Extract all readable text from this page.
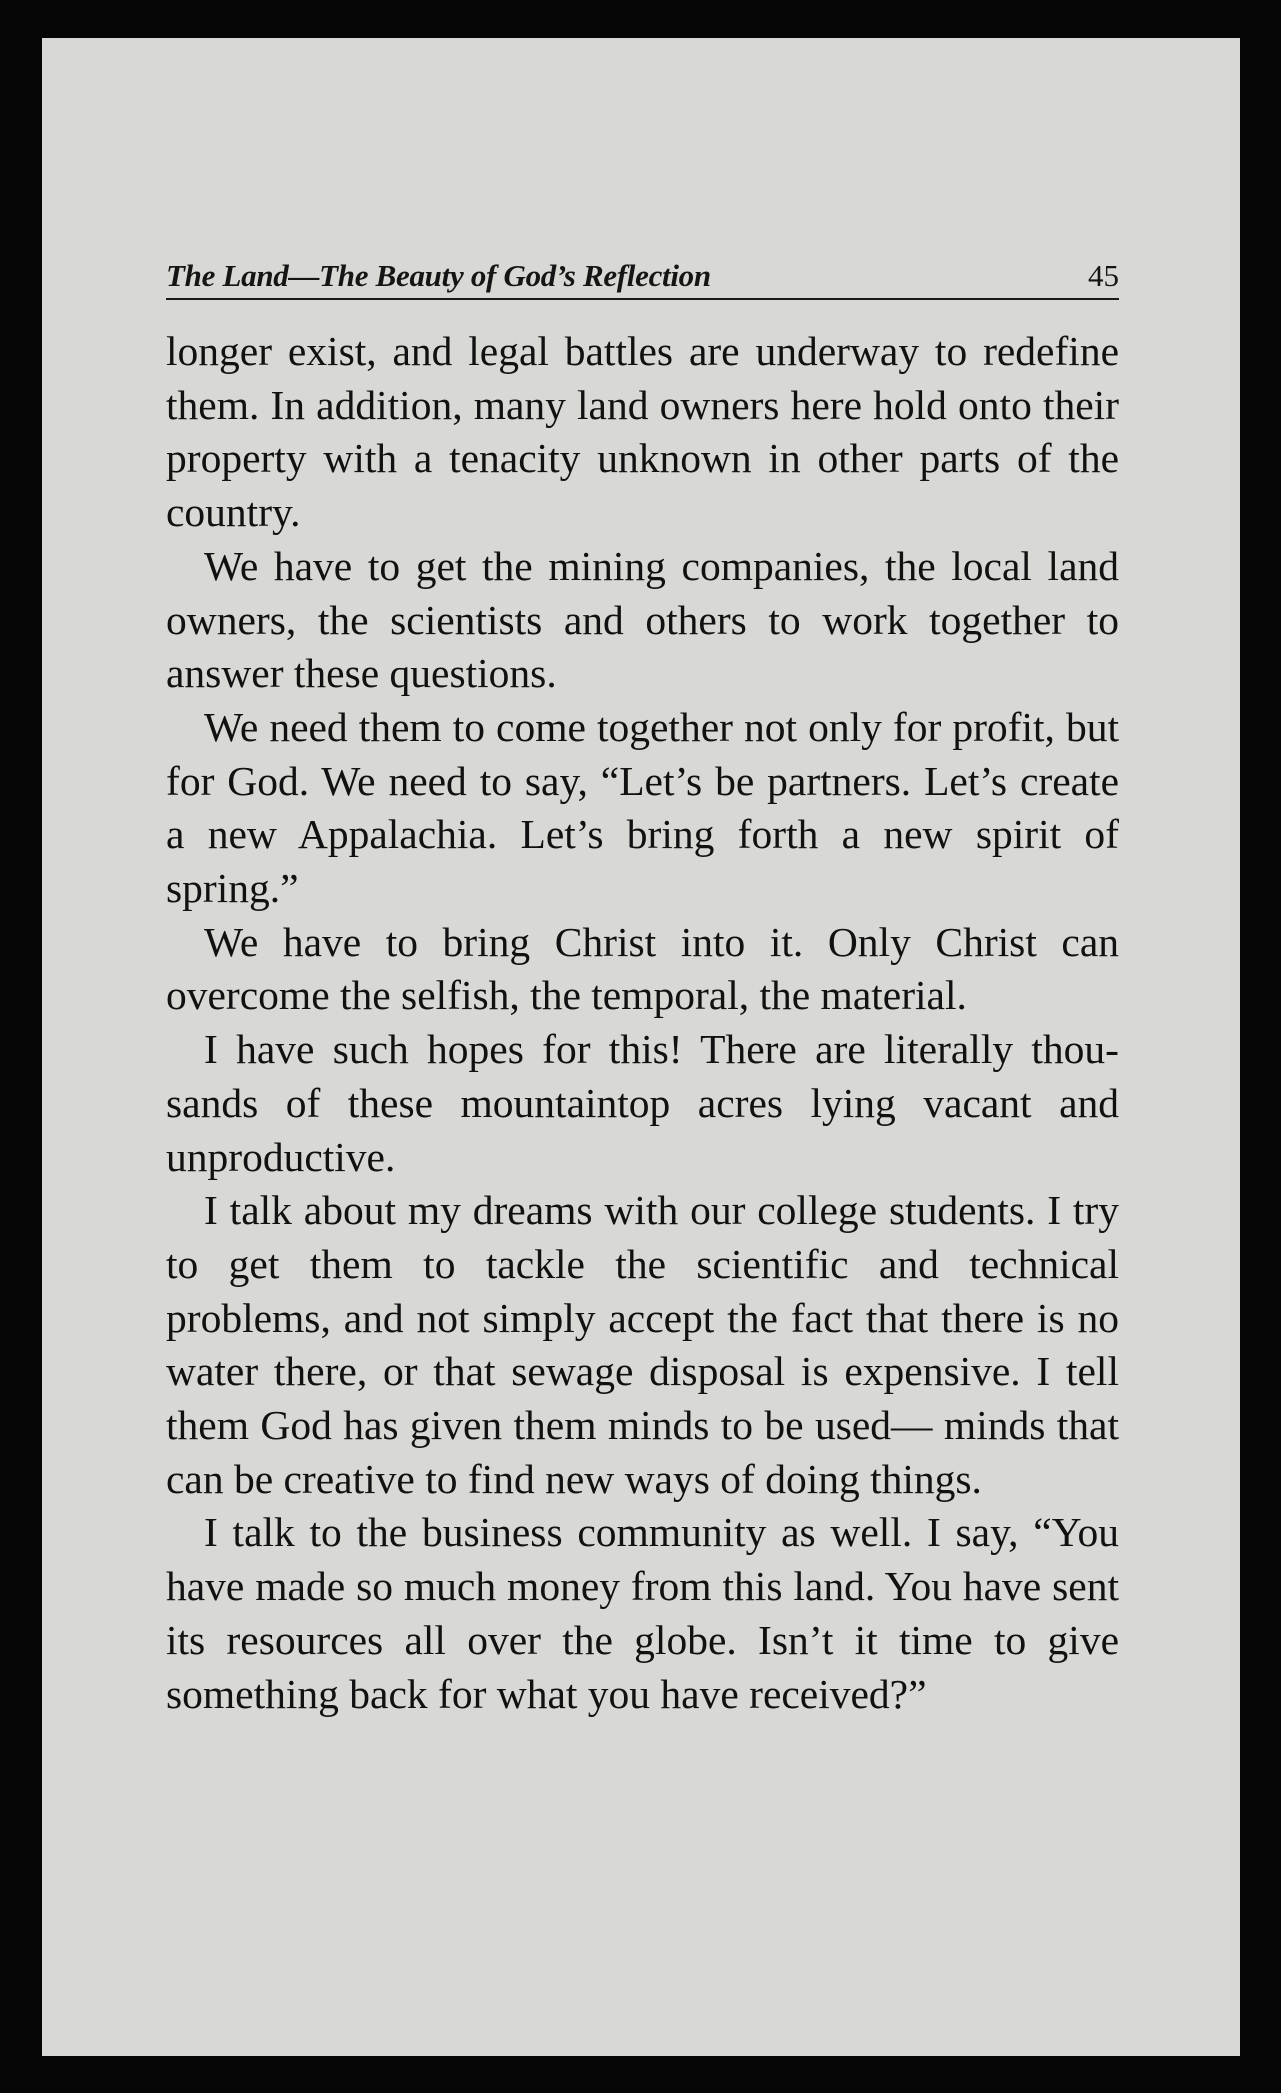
The Land—The Beauty of God’s Reflection	45

longer exist, and legal battles are underway to redefine them. In addition, many land owners here hold onto their property with a tenacity unknown in other parts of the country.

We have to get the mining companies, the local land owners, the scientists and others to work together to answer these questions.

We need them to come together not only for profit, but for God. We need to say, “Let’s be partners. Let’s create a new Appalachia. Let’s bring forth a new spirit of spring.”

We have to bring Christ into it. Only Christ can overcome the selfish, the temporal, the material.

I have such hopes for this! There are literally thousands of these mountaintop acres lying vacant and unproductive.

I talk about my dreams with our college students. I try to get them to tackle the scientific and technical problems, and not simply accept the fact that there is no water there, or that sewage disposal is expensive. I tell them God has given them minds to be used— minds that can be creative to find new ways of doing things.

I talk to the business community as well. I say, “You have made so much money from this land. You have sent its resources all over the globe. Isn’t it time to give something back for what you have received?”
